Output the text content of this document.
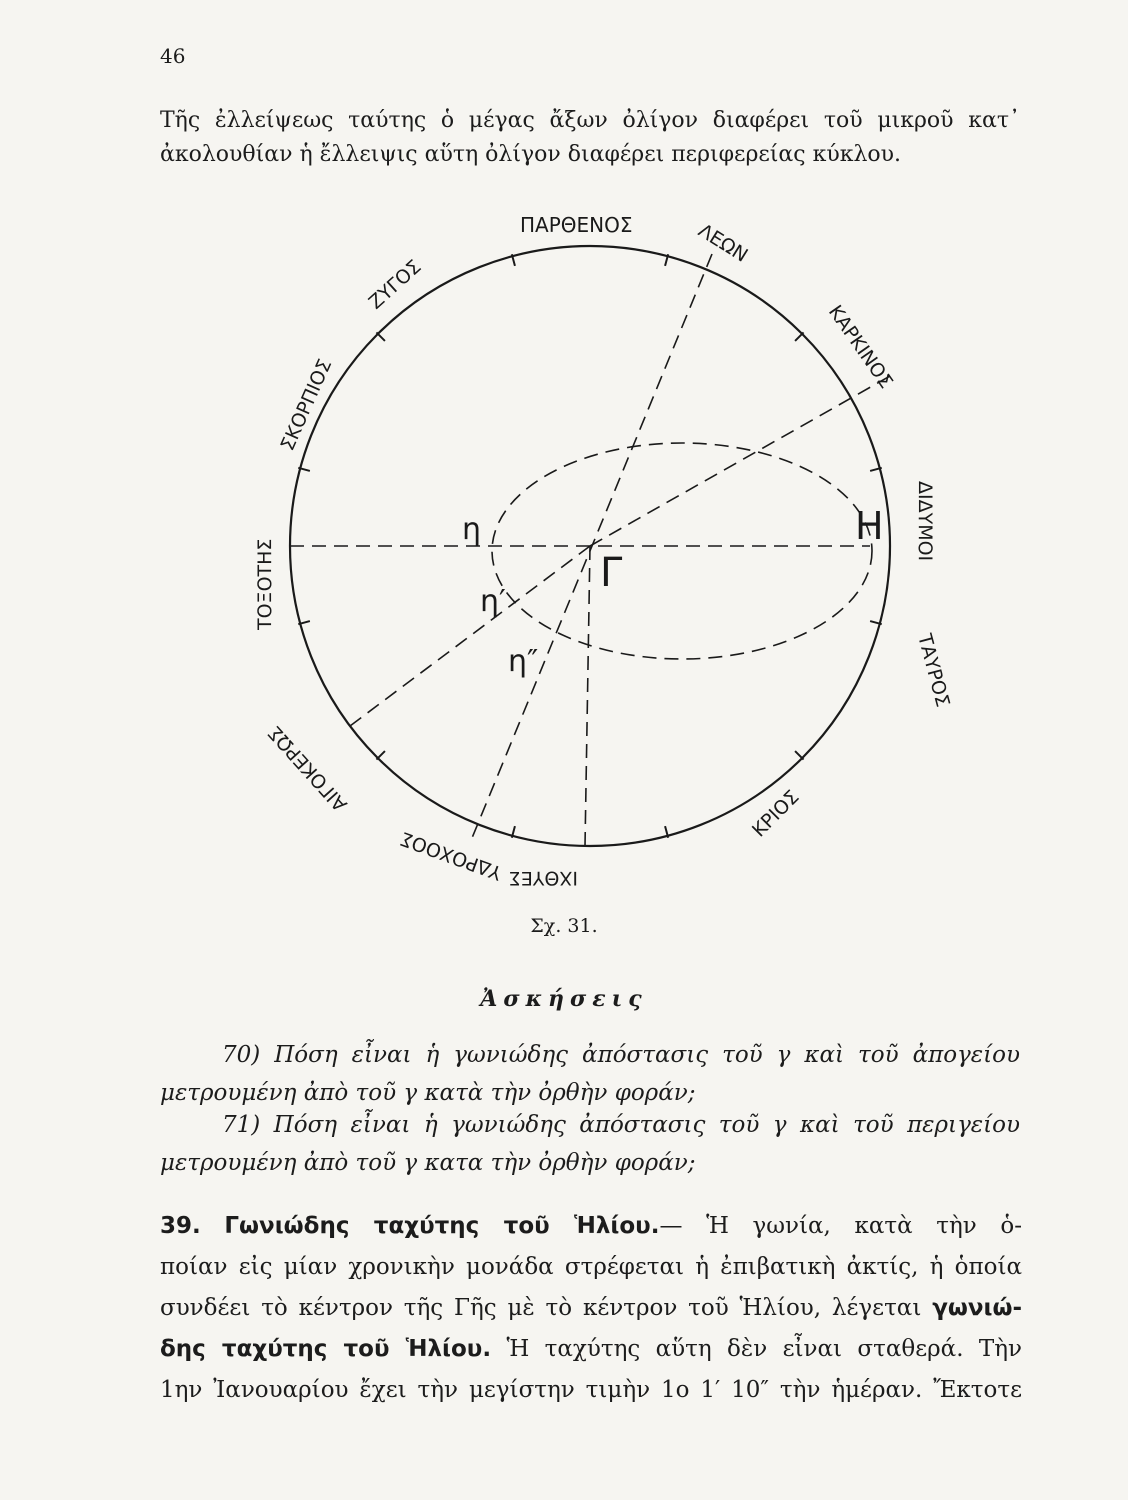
46
Τῆς ἐλλείψεως ταύτης ὁ μέγας ἄξων ὀλίγον διαφέρει τοῦ μικροῦ κατ᾽
ἀκολουθίαν ἡ ἔλλειψις αὕτη ὀλίγον διαφέρει περιφερείας κύκλου.
ΠΑΡΘΕΝΟΣ	ΛΕΩΝ
ΚΑΡΚΙΝΟΣ
ΔΙΔΥΜΟΙ
ΤΑΥΡΟΣ
ΚΡΙΟΣ
ΙΧΘΥΕΣ
ΥΔΡΟΧΟΟΣ
ΑΙΓΟΚΕΡΩΣ
ΤΟΞΟΤΗΣ
ΣΚΟΡΠΙΟΣ
ΖΥΓΟΣ
η
η′
η″
Γ
Η
Σχ. 31.
Ἀσκήσεις
70) Πόση εἶναι ἡ γωνιώδης ἀπόστασις τοῦ γ καὶ τοῦ ἀπογείου
μετρουμένη ἀπὸ τοῦ γ κατὰ τὴν ὀρθὴν φοράν;
71) Πόση εἶναι ἡ γωνιώδης ἀπόστασις τοῦ γ καὶ τοῦ περιγείου
μετρουμένη ἀπὸ τοῦ γ κατα τὴν ὀρθὴν φοράν;
39. Γωνιώδης ταχύτης τοῦ Ἡλίου.— Ἡ γωνία, κατὰ τὴν ὁ-
ποίαν εἰς μίαν χρονικὴν μονάδα στρέφεται ἡ ἐπιβατικὴ ἀκτίς, ἡ ὁποία
συνδέει τὸ κέντρον τῆς Γῆς μὲ τὸ κέντρον τοῦ Ἡλίου, λέγεται γωνιώ-
δης ταχύτης τοῦ Ἡλίου. Ἡ ταχύτης αὕτη δὲν εἶναι σταθερά. Τὴν
1ην Ἰανουαρίου ἔχει τὴν μεγίστην τιμὴν 1ο 1′ 10″ τὴν ἡμέραν. Ἔκτοτε
